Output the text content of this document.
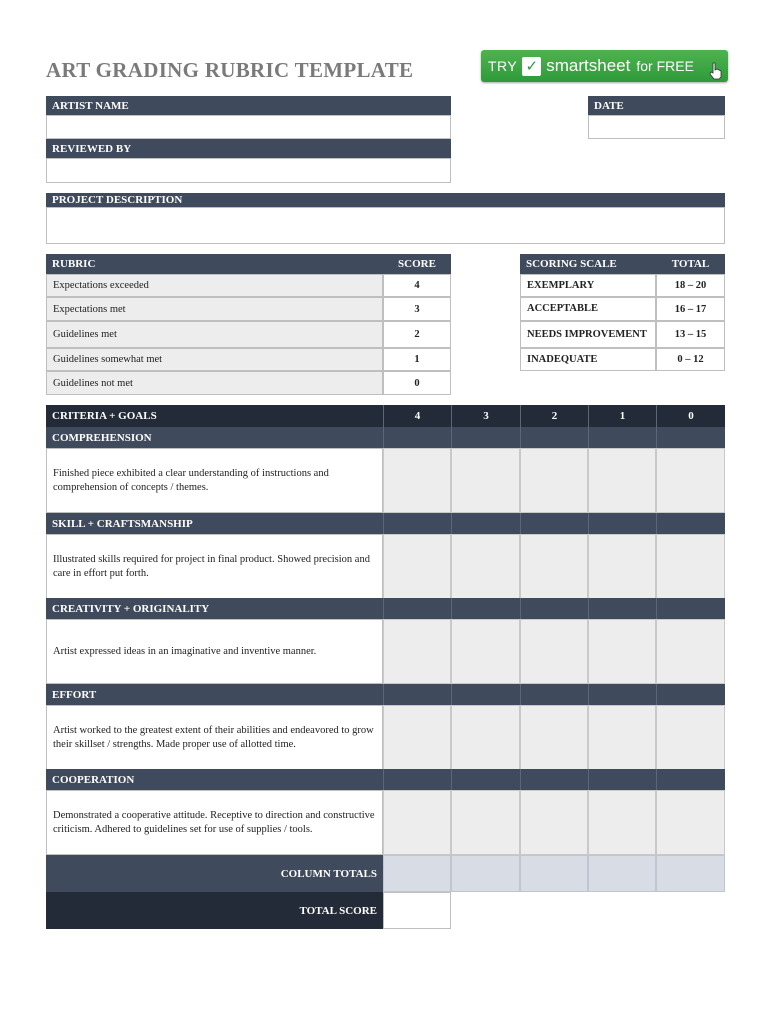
ART GRADING RUBRIC TEMPLATE	TRY ✓ smartsheet for FREE
ARTIST NAME
REVIEWED BY
DATE
PROJECT DESCRIPTION
RUBRIC	SCORE
Expectations exceeded	4
Expectations met	3
Guidelines met	2
Guidelines somewhat met	1
Guidelines not met	0
SCORING SCALE	TOTAL
EXEMPLARY	18 – 20
ACCEPTABLE	16 – 17
NEEDS IMPROVEMENT	13 – 15
INADEQUATE	0 – 12
CRITERIA + GOALS	4	3	2	1	0
COMPREHENSION
Finished piece exhibited a clear understanding of instructions and comprehension of concepts / themes.
SKILL + CRAFTSMANSHIP
Illustrated skills required for project in final product. Showed precision and care in effort put forth.
CREATIVITY + ORIGINALITY
Artist expressed ideas in an imaginative and inventive manner.
EFFORT
Artist worked to the greatest extent of their abilities and endeavored to grow their skillset / strengths. Made proper use of allotted time.
COOPERATION
Demonstrated a cooperative attitude. Receptive to direction and constructive criticism. Adhered to guidelines set for use of supplies / tools.
COLUMN TOTALS
TOTAL SCORE
